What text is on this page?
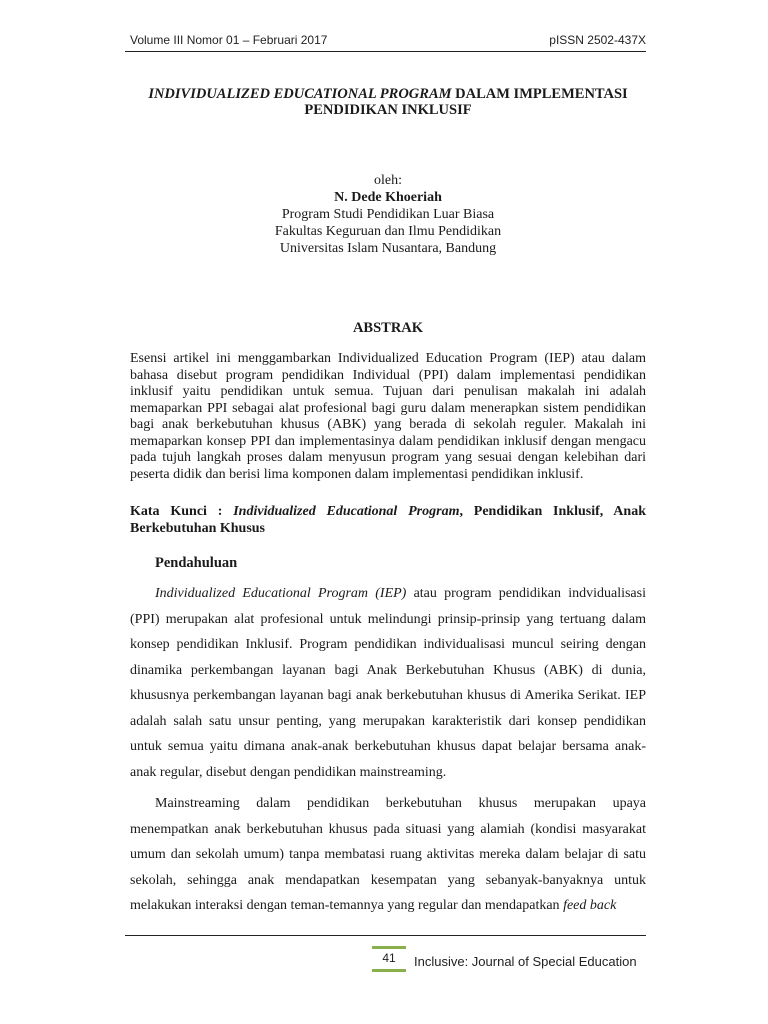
Volume III Nomor 01 – Februari 2017	pISSN 2502-437X
INDIVIDUALIZED EDUCATIONAL PROGRAM DALAM IMPLEMENTASI
PENDIDIKAN INKLUSIF
oleh:
N. Dede Khoeriah
Program Studi Pendidikan Luar Biasa
Fakultas Keguruan dan Ilmu Pendidikan
Universitas Islam Nusantara, Bandung
ABSTRAK
Esensi artikel ini menggambarkan Individualized Education Program (IEP) atau dalam bahasa disebut program pendidikan Individual (PPI) dalam implementasi pendidikan inklusif yaitu pendidikan untuk semua. Tujuan dari penulisan makalah ini adalah memaparkan PPI sebagai alat profesional bagi guru dalam menerapkan sistem pendidikan bagi anak berkebutuhan khusus (ABK) yang berada di sekolah reguler. Makalah ini memaparkan konsep PPI dan implementasinya dalam pendidikan inklusif dengan mengacu pada tujuh langkah proses dalam menyusun program yang sesuai dengan kelebihan dari peserta didik dan berisi lima komponen dalam implementasi pendidikan inklusif.
Kata Kunci : Individualized Educational Program, Pendidikan Inklusif, Anak Berkebutuhan Khusus
Pendahuluan
Individualized Educational Program (IEP) atau program pendidikan indvidualisasi (PPI) merupakan alat profesional untuk melindungi prinsip-prinsip yang tertuang dalam konsep pendidikan Inklusif. Program pendidikan individualisasi muncul seiring dengan dinamika perkembangan layanan bagi Anak Berkebutuhan Khusus (ABK) di dunia, khususnya perkembangan layanan bagi anak berkebutuhan khusus di Amerika Serikat. IEP adalah salah satu unsur penting, yang merupakan karakteristik dari konsep pendidikan untuk semua yaitu dimana anak-anak berkebutuhan khusus dapat belajar bersama anak-anak regular, disebut dengan pendidikan mainstreaming.
Mainstreaming dalam pendidikan berkebutuhan khusus merupakan upaya menempatkan anak berkebutuhan khusus pada situasi yang alamiah (kondisi masyarakat umum dan sekolah umum) tanpa membatasi ruang aktivitas mereka dalam belajar di satu sekolah, sehingga anak mendapatkan kesempatan yang sebanyak-banyaknya untuk melakukan interaksi dengan teman-temannya yang regular dan mendapatkan feed back
41	Inclusive: Journal of Special Education
